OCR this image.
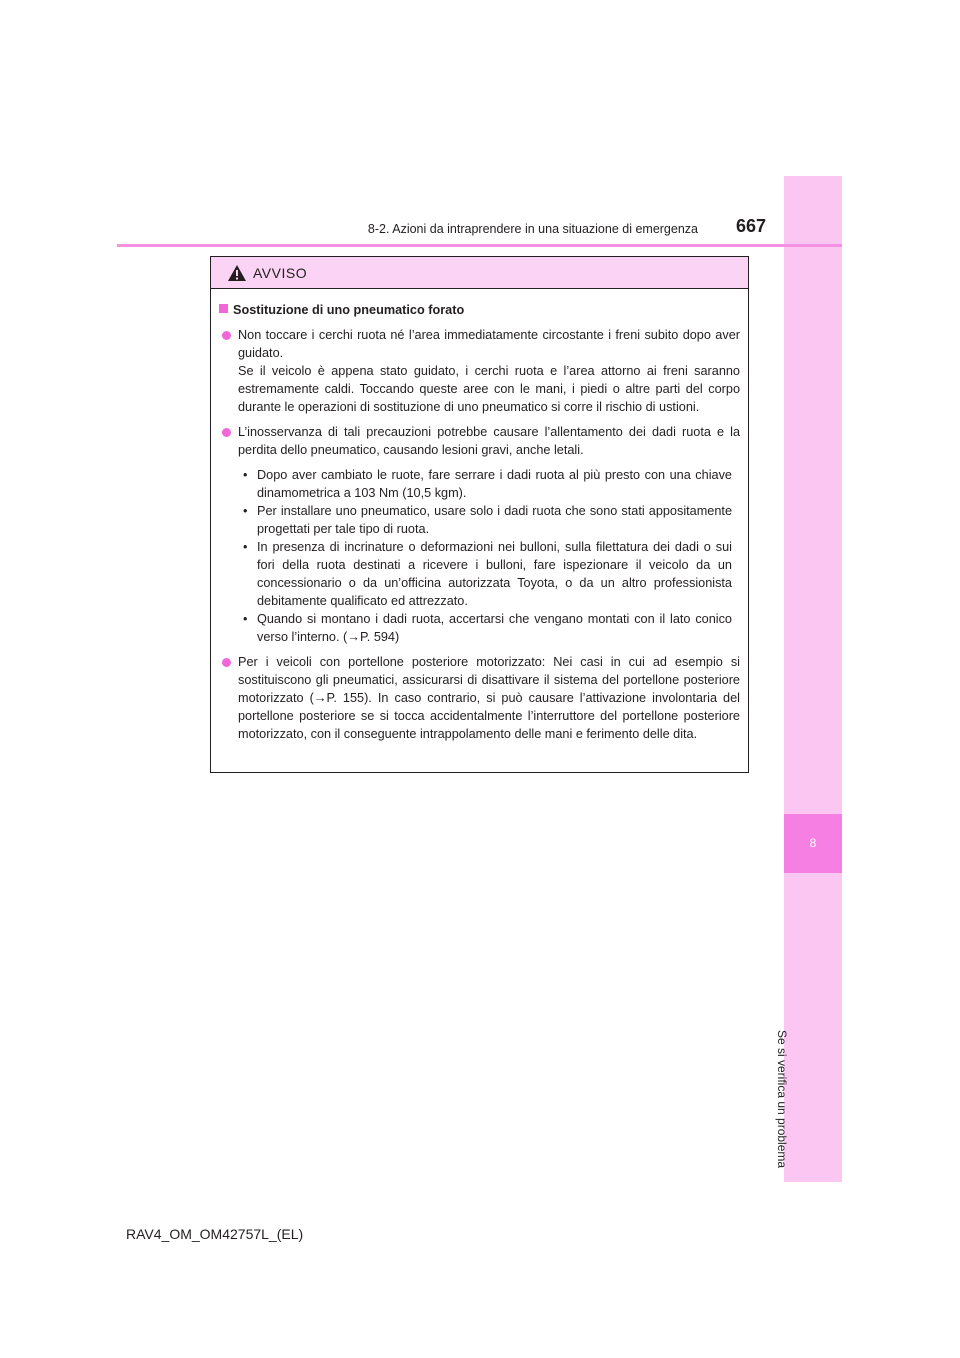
8
Se si verifica un problema
8-2. Azioni da intraprendere in una situazione di emergenza 667
AVVISO
Sostituzione di uno pneumatico forato
Non toccare i cerchi ruota né l’area immediatamente circostante i freni subito dopo aver guidato.
Se il veicolo è appena stato guidato, i cerchi ruota e l’area attorno ai freni saranno estremamente caldi. Toccando queste aree con le mani, i piedi o altre parti del corpo durante le operazioni di sostituzione di uno pneumatico si corre il rischio di ustioni.
L’inosservanza di tali precauzioni potrebbe causare l’allentamento dei dadi ruota e la perdita dello pneumatico, causando lesioni gravi, anche letali.
• Dopo aver cambiato le ruote, fare serrare i dadi ruota al più presto con una chiave dinamometrica a 103 Nm (10,5 kgm).
• Per installare uno pneumatico, usare solo i dadi ruota che sono stati appositamente progettati per tale tipo di ruota.
• In presenza di incrinature o deformazioni nei bulloni, sulla filettatura dei dadi o sui fori della ruota destinati a ricevere i bulloni, fare ispezionare il veicolo da un concessionario o da un’officina autorizzata Toyota, o da un altro professionista debitamente qualificato ed attrezzato.
• Quando si montano i dadi ruota, accertarsi che vengano montati con il lato conico verso l’interno. (→P. 594)
Per i veicoli con portellone posteriore motorizzato: Nei casi in cui ad esempio si sostituiscono gli pneumatici, assicurarsi di disattivare il sistema del portellone posteriore motorizzato (→P. 155). In caso contrario, si può causare l’attivazione involontaria del portellone posteriore se si tocca accidentalmente l’interruttore del portellone posteriore motorizzato, con il conseguente intrappolamento delle mani e ferimento delle dita.
RAV4_OM_OM42757L_(EL)
